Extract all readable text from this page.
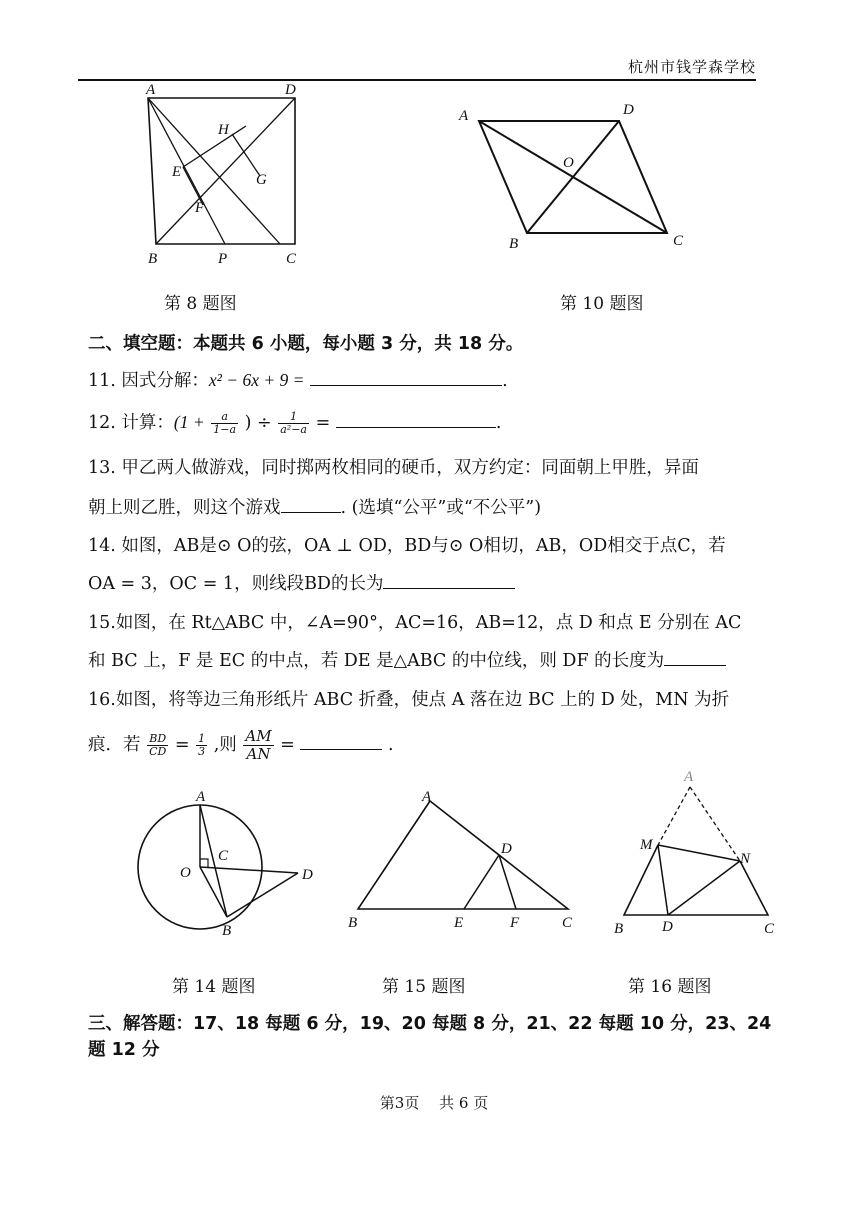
杭州市钱学森学校
A	D
H
E	G
F
B	P	C
第 8 题图
A	D
O
B	C
第 10 题图
二、填空题：本题共 6 小题，每小题 3 分，共 18 分。
11. 因式分解：x² − 6x + 9 =	.
12. 计算：($1 + \frac{a}{1-a}$ ) ÷ $\frac{1}{\text{a²−a}}$ =	.
13. 甲乙两人做游戏，同时掷两枚相同的硬币，双方约定：同面朝上甲胜，异面
朝上则乙胜，则这个游戏	. (选填“公平”或“不公平”)
14. 如图，AB是⊙ O的弦，OA ⊥ OD，BD与⊙ O相切，AB，OD相交于点C，若
OA = 3，OC = 1，则线段BD的长为
15.如图，在 Rt△ABC 中，∠A=90°，AC=16，AB=12，点 D 和点 E 分别在 AC
和 BC 上，F 是 EC 的中点，若 DE 是△ABC 的中位线，则 DF 的长度为
16.如图，将等边三角形纸片 ABC 折叠，使点 A 落在边 BC 上的 D 处，MN 为折
痕．若 $\frac{BD}{CD} = \frac{1}{3}$ ,则 $\frac{AM}{AN}$ =	.
A
C
O	D
B
第 14 题图
A
D
B	E	F	C
第 15 题图
A
M
N
B	D	C
第 16 题图
三、解答题：17、18 每题 6 分，19、20 每题 8 分，21、22 每题 10 分，23、24
题 12 分
第3页　 共 6 页
